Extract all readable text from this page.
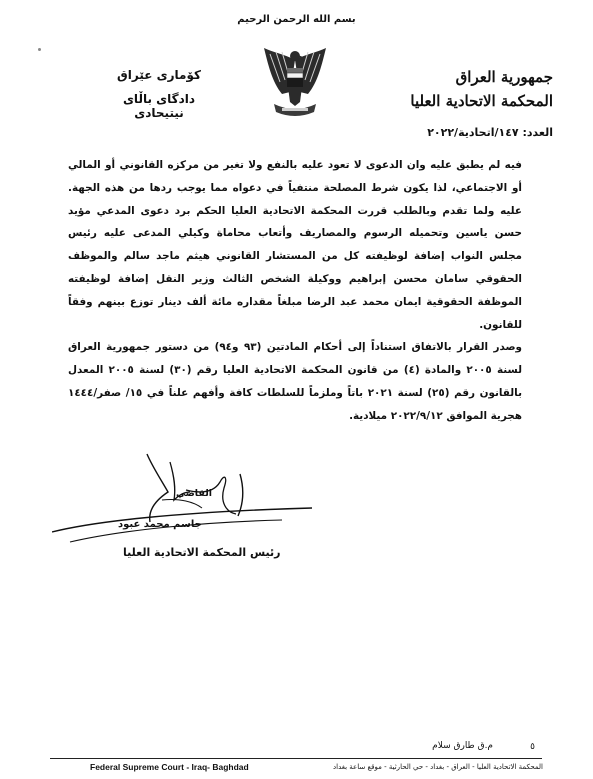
بسم الله الرحمن الرحيم
جمهورية العراق
المحكمة الاتحادية العليا
العدد: ١٤٧/اتحادية/٢٠٢٢
كۆماری عێراق
دادگای باڵای نیتیحادی

فيه لم يطبق عليه وان الدعوى لا تعود عليه بالنفع ولا تغير من مركزه القانوني أو المالي أو الاجتماعي، لذا يكون شرط المصلحة منتفياً في دعواه مما يوجب ردها من هذه الجهة. عليه ولما تقدم وبالطلب قررت المحكمة الاتحادية العليا الحكم برد دعوى المدعي مؤيد حسن ياسين وتحميله الرسوم والمصاريف وأتعاب محاماة وكيلي المدعى عليه رئيس مجلس النواب إضافة لوظيفته كل من المستشار القانوني هيثم ماجد سالم والموظف الحقوقي سامان محسن إبراهيم ووكيلة الشخص الثالث وزير النقل إضافة لوظيفته الموظفة الحقوقية ايمان محمد عبد الرضا مبلغاً مقداره مائة ألف دينار توزع بينهم وفقاً للقانون.

وصدر القرار بالاتفاق استناداً إلى أحكام المادتين (٩٣ و٩٤) من دستور جمهورية العراق لسنة ٢٠٠٥ والمادة (٤) من قانون المحكمة الاتحادية العليا رقم (٣٠) لسنة ٢٠٠٥ المعدل بالقانون رقم (٢٥) لسنة ٢٠٢١ باتاً وملزماً للسلطات كافة وأفهم علناً في ١٥/ صفر/١٤٤٤ هجرية الموافق ٢٠٢٢/٩/١٢ ميلادية.

القاضي
جاسم محمد عبود
رئيس المحكمة الاتحادية العليا
م.ق طارق سلام	٥
Federal Supreme Court - Iraq- Baghdad	المحكمة الاتحادية العليا - العراق - بغداد - حي الحارثية - موقع ساعة بغداد
